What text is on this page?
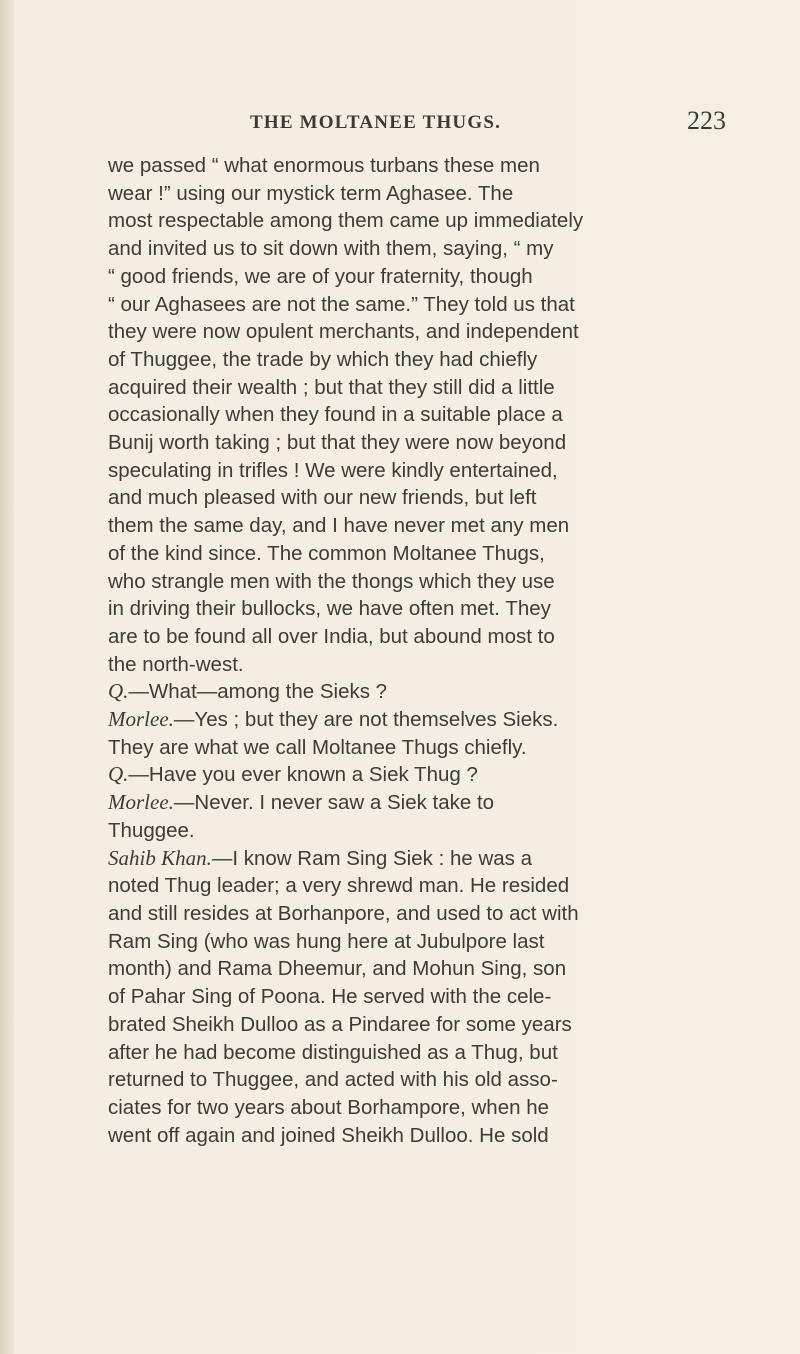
THE MOLTANEE THUGS.	223
we passed “ what enormous turbans these men
wear !” using our mystick term Aghasee. The
most respectable among them came up immediately
and invited us to sit down with them, saying, “ my
“ good friends, we are of your fraternity, though
“ our Aghasees are not the same.” They told us that
they were now opulent merchants, and independent
of Thuggee, the trade by which they had chiefly
acquired their wealth ; but that they still did a little
occasionally when they found in a suitable place a
Bunij worth taking ; but that they were now beyond
speculating in trifles ! We were kindly entertained,
and much pleased with our new friends, but left
them the same day, and I have never met any men
of the kind since. The common Moltanee Thugs,
who strangle men with the thongs which they use
in driving their bullocks, we have often met. They
are to be found all over India, but abound most to
the north-west.
Q.—What—among the Sieks ?
Morlee.—Yes ; but they are not themselves Sieks.
They are what we call Moltanee Thugs chiefly.
Q.—Have you ever known a Siek Thug ?
Morlee.—Never. I never saw a Siek take to
Thuggee.
Sahib Khan.—I know Ram Sing Siek : he was a
noted Thug leader; a very shrewd man. He resided
and still resides at Borhanpore, and used to act with
Ram Sing (who was hung here at Jubulpore last
month) and Rama Dheemur, and Mohun Sing, son
of Pahar Sing of Poona. He served with the cele-
brated Sheikh Dulloo as a Pindaree for some years
after he had become distinguished as a Thug, but
returned to Thuggee, and acted with his old asso-
ciates for two years about Borhampore, when he
went off again and joined Sheikh Dulloo. He sold
